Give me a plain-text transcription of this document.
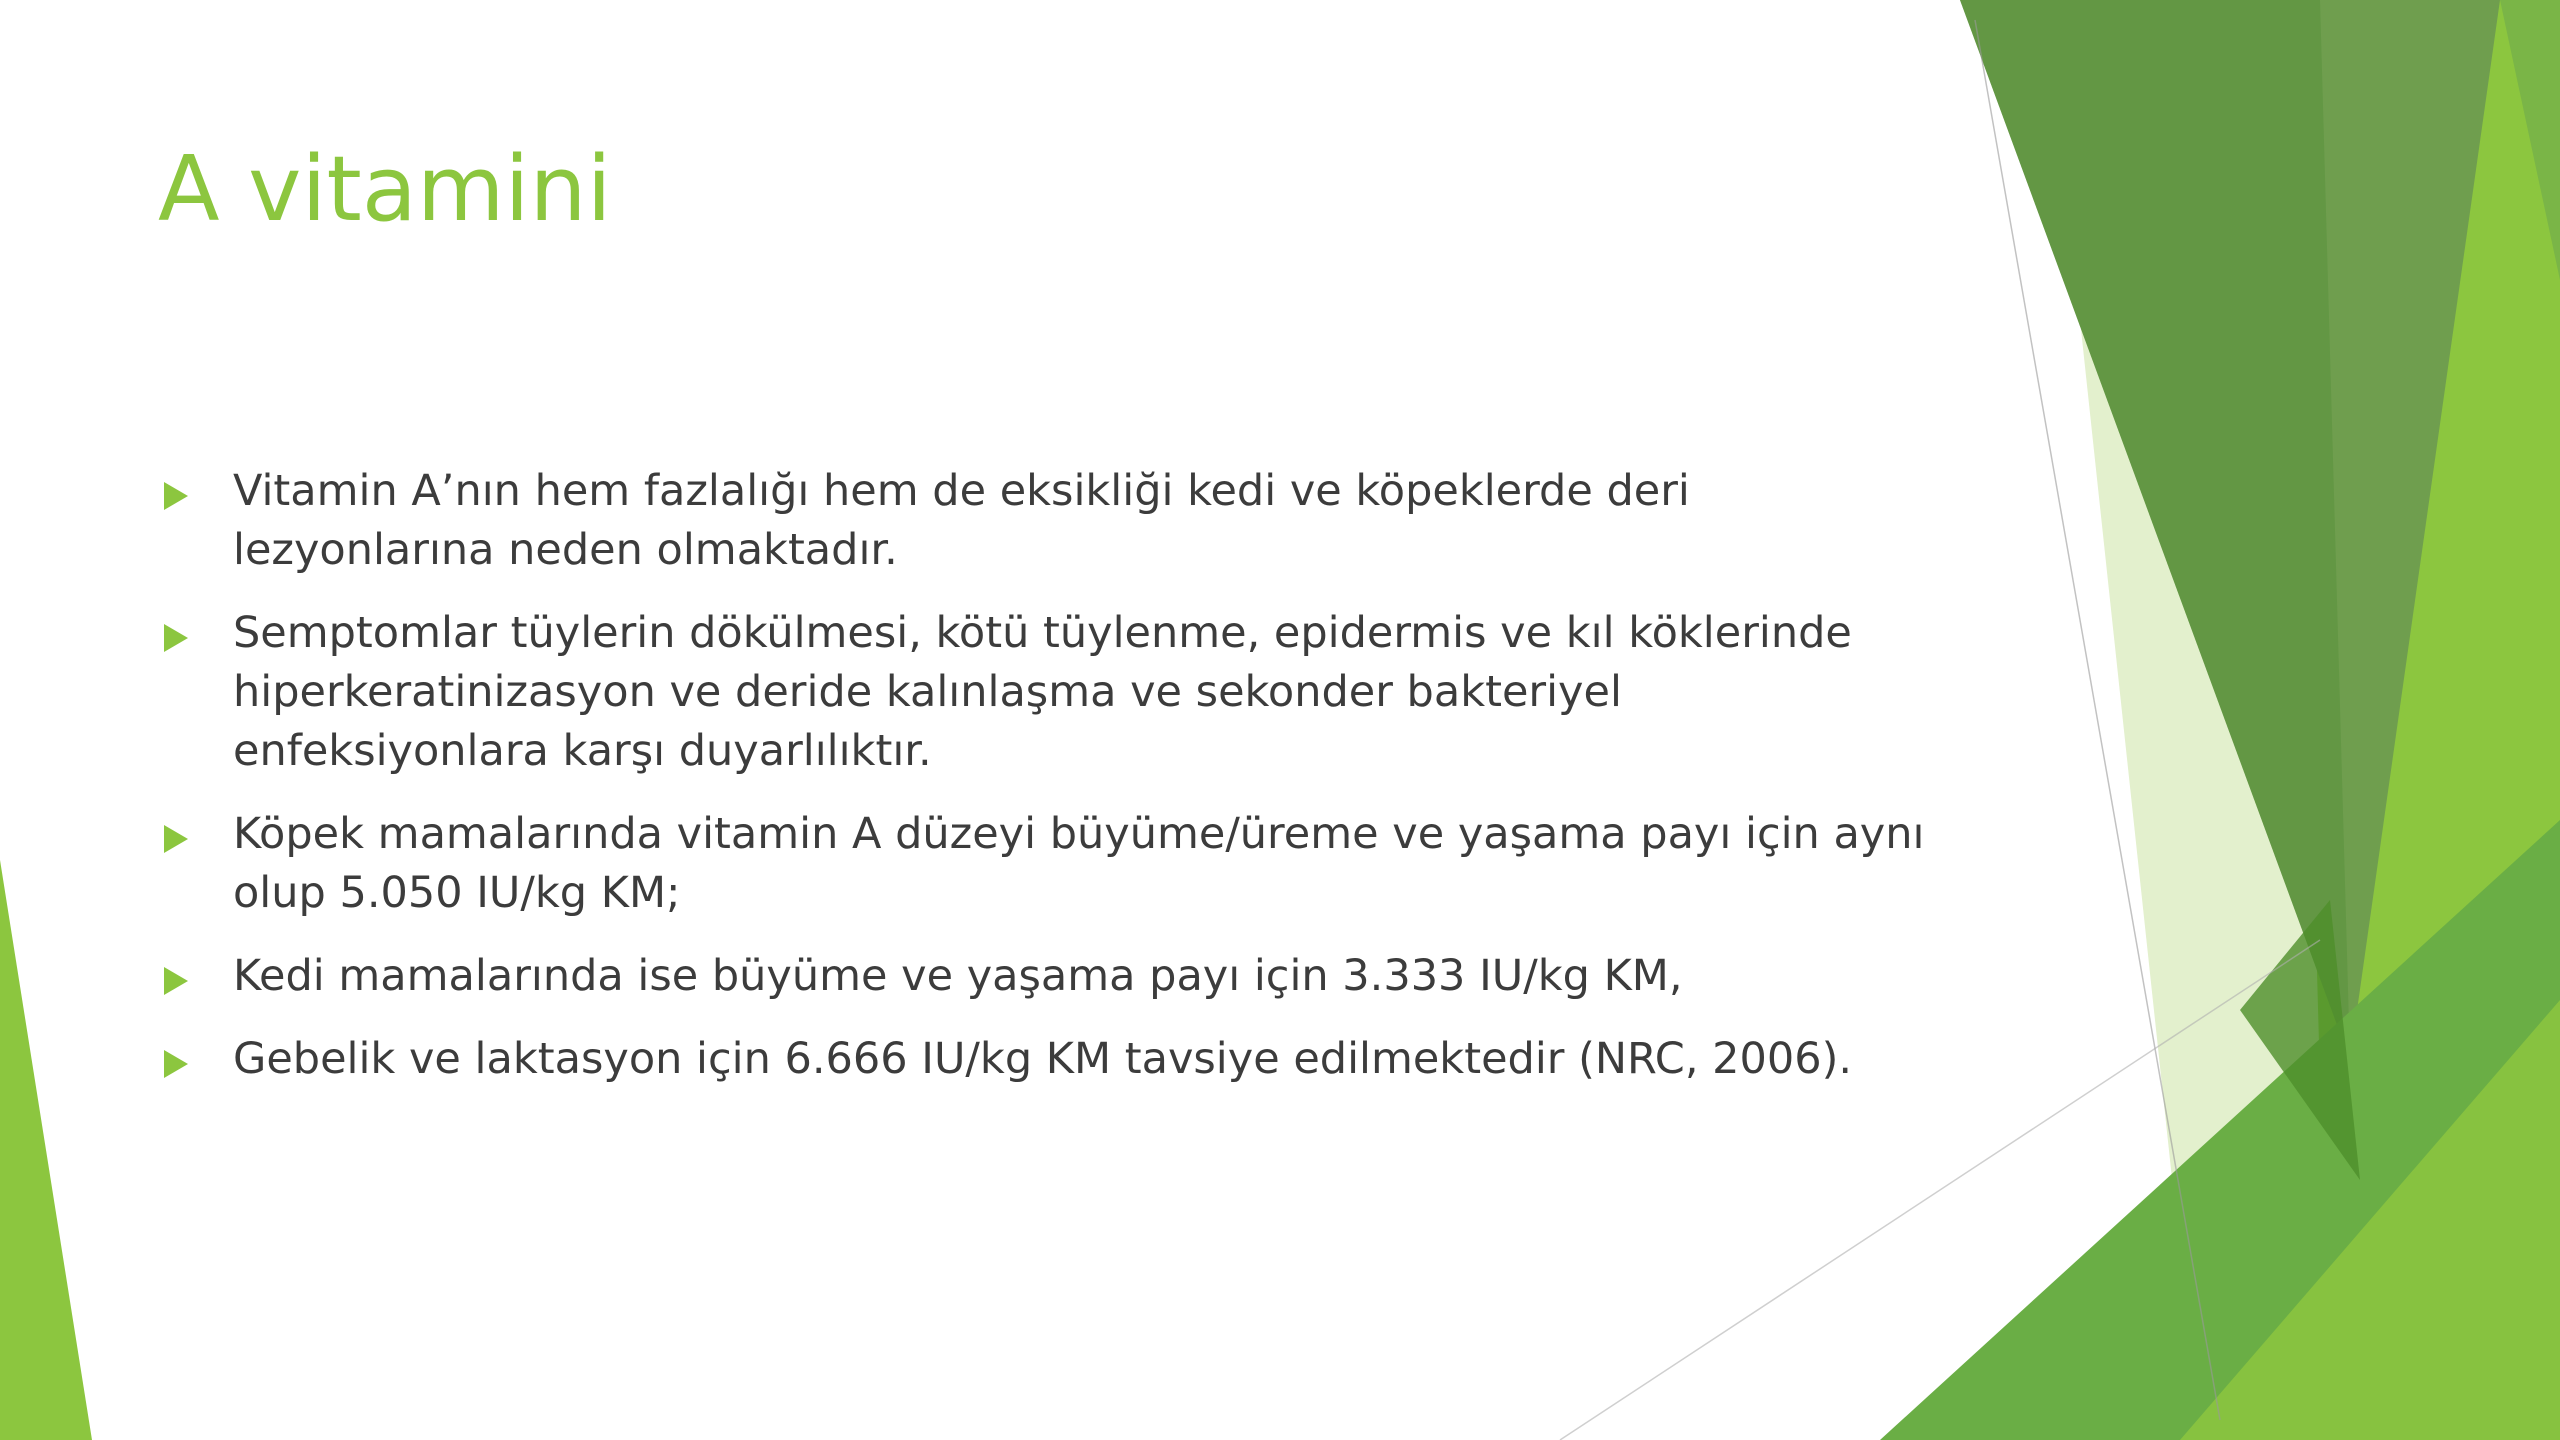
A vitamini
Vitamin A’nın hem fazlalığı hem de eksikliği kedi ve köpeklerde deri lezyonlarına neden olmaktadır.
Semptomlar tüylerin dökülmesi, kötü tüylenme, epidermis ve kıl köklerinde hiperkeratinizasyon ve deride kalınlaşma ve sekonder bakteriyel enfeksiyonlara karşı duyarlılıktır.
Köpek mamalarında vitamin A düzeyi büyüme/üreme ve yaşama payı için aynı olup 5.050 IU/kg KM;
Kedi mamalarında ise büyüme ve yaşama payı için 3.333 IU/kg KM,
Gebelik ve laktasyon için 6.666 IU/kg KM tavsiye edilmektedir (NRC, 2006).
